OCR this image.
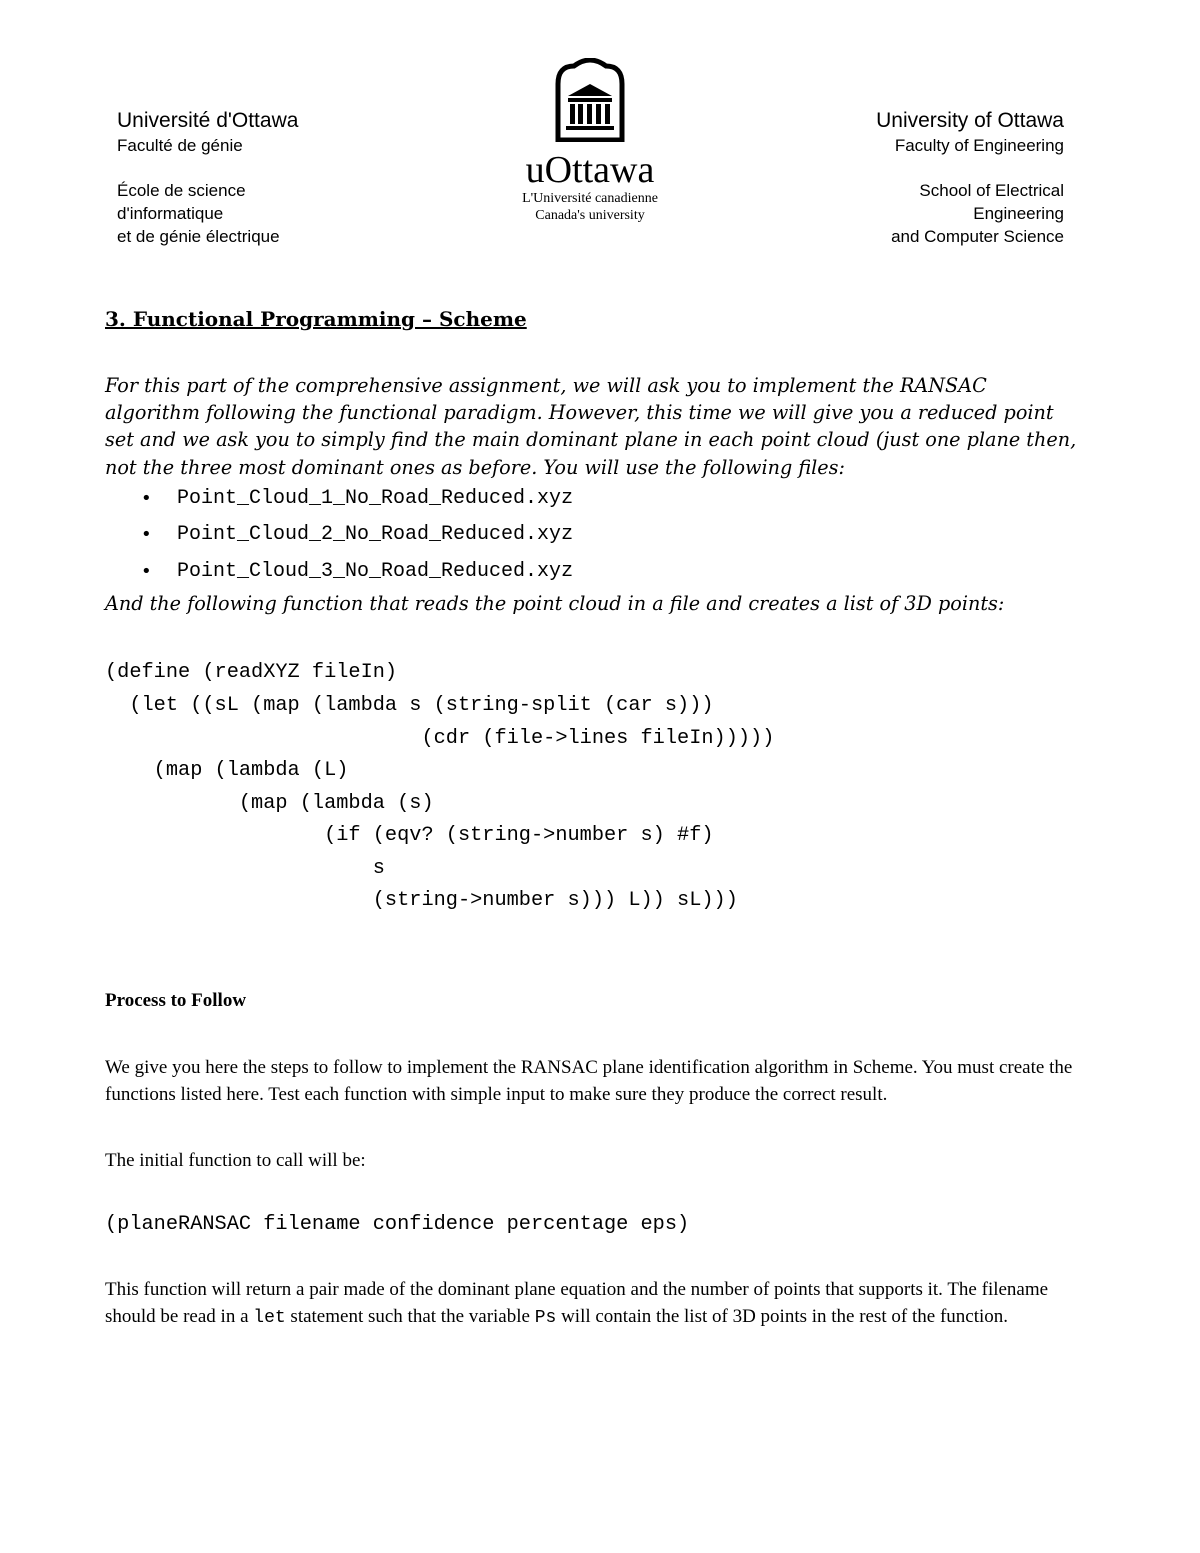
Université d'Ottawa
Faculté de génie
École de science
d'informatique
et de génie électrique
uOttawa
L'Université canadienne
Canada's university
University of Ottawa
Faculty of Engineering
School of Electrical
Engineering
and Computer Science
3. Functional Programming – Scheme

For this part of the comprehensive assignment, we will ask you to implement the RANSAC algorithm following the functional paradigm. However, this time we will give you a reduced point set and we ask you to simply find the main dominant plane in each point cloud (just one plane then, not the three most dominant ones as before. You will use the following files:

• Point_Cloud_1_No_Road_Reduced.xyz
• Point_Cloud_2_No_Road_Reduced.xyz
• Point_Cloud_3_No_Road_Reduced.xyz

And the following function that reads the point cloud in a file and creates a list of 3D points:

(define (readXYZ fileIn)
(let ((sL (map (lambda s (string-split (car s)))
(cdr (file->lines fileIn)))))
(map (lambda (L)
(map (lambda (s)
(if (eqv? (string->number s) #f)
s
(string->number s))) L)) sL)))
Process to Follow

We give you here the steps to follow to implement the RANSAC plane identification algorithm in Scheme. You must create the functions listed here. Test each function with simple input to make sure they produce the correct result.

The initial function to call will be:

(planeRANSAC filename confidence percentage eps)

This function will return a pair made of the dominant plane equation and the number of points that supports it. The filename should be read in a let statement such that the variable Ps will contain the list of 3D points in the rest of the function.
